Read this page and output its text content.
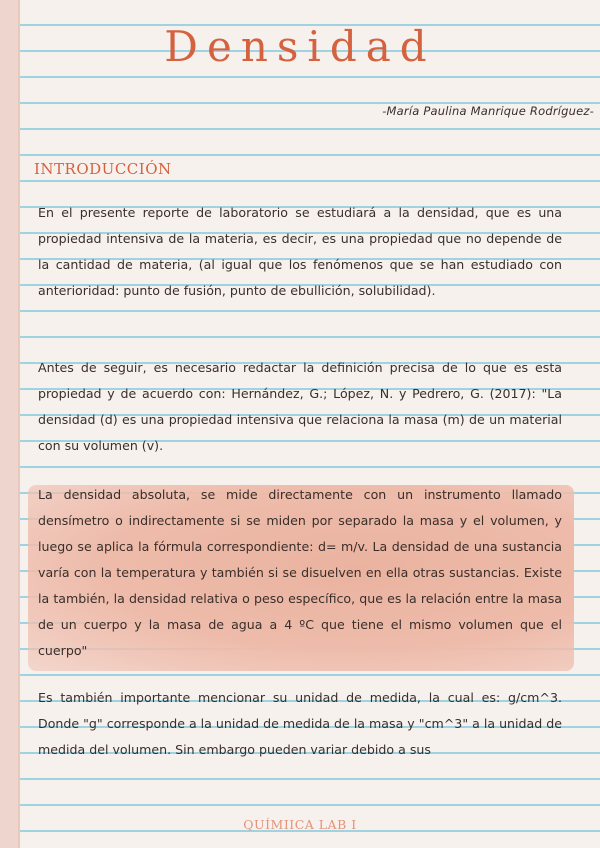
Densidad
-María Paulina Manrique Rodríguez-
INTRODUCCIÓN

En el presente reporte de laboratorio se estudiará a la densidad, que es una propiedad intensiva de la materia, es decir, es una propiedad que no depende de la cantidad de materia, (al igual que los fenómenos que se han estudiado con anterioridad: punto de fusión, punto de ebullición, solubilidad).

Antes de seguir, es necesario redactar la definición precisa de lo que es esta propiedad y de acuerdo con: Hernández, G.; López, N. y Pedrero, G. (2017): "La densidad (d) es una propiedad intensiva que relaciona la masa (m) de un material con su volumen (v).

La densidad absoluta, se mide directamente con un instrumento llamado densímetro o indirectamente si se miden por separado la masa y el volumen, y luego se aplica la fórmula correspondiente: d= m/v. La densidad de una sustancia varía con la temperatura y también si se disuelven en ella otras sustancias. Existe la también, la densidad relativa o peso específico, que es la relación entre la masa de un cuerpo y la masa de agua a 4 ºC que tiene el mismo volumen que el cuerpo"

Es también importante mencionar su unidad de medida, la cual es: g/cm^3. Donde "g" corresponde a la unidad de medida de la masa y "cm^3" a la unidad de medida del volumen. Sin embargo pueden variar debido a sus

QUÍMIICA LAB I
